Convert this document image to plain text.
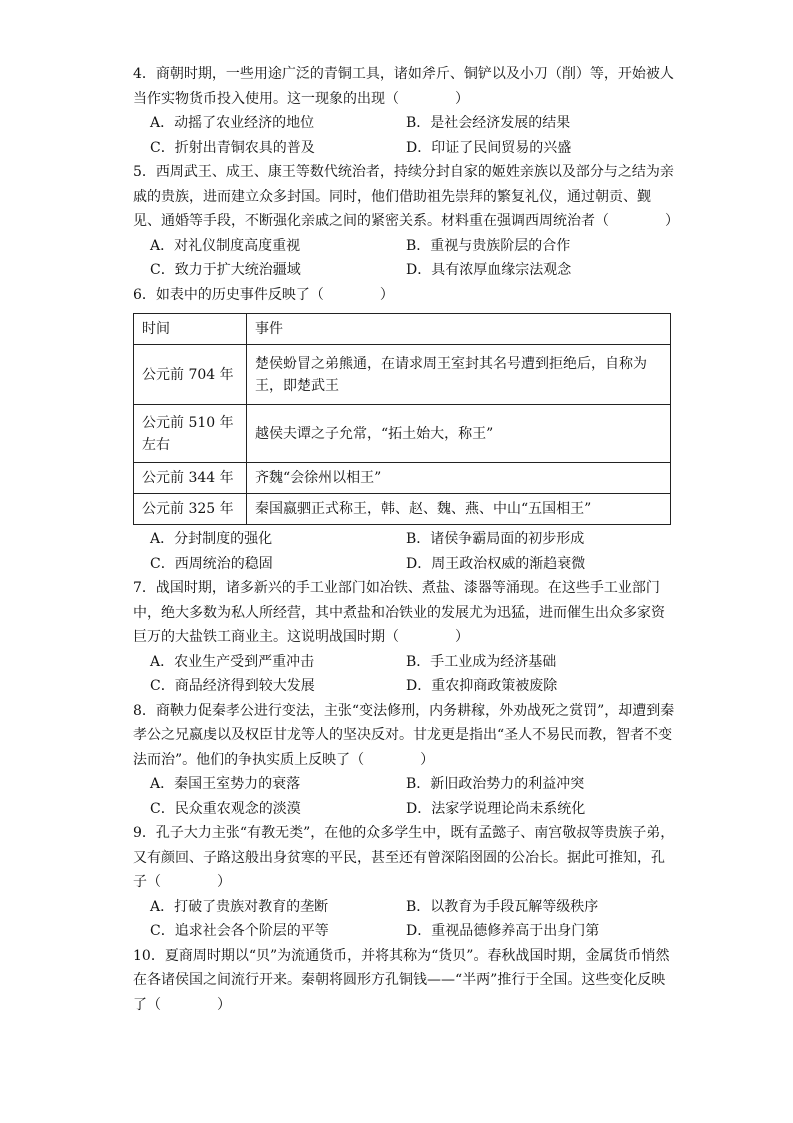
4．商朝时期，一些用途广泛的青铜工具，诸如斧斤、铜铲以及小刀（削）等，开始被人当作实物货币投入使用。这一现象的出现（　　　　）

A．动摇了农业经济的地位	B．是社会经济发展的结果
C．折射出青铜农具的普及	D．印证了民间贸易的兴盛

5．西周武王、成王、康王等数代统治者，持续分封自家的姬姓亲族以及部分与之结为亲戚的贵族，进而建立众多封国。同时，他们借助祖先崇拜的繁复礼仪，通过朝贡、觐见、通婚等手段，不断强化亲戚之间的紧密关系。材料重在强调西周统治者（　　　　）

A．对礼仪制度高度重视	B．重视与贵族阶层的合作
C．致力于扩大统治疆域	D．具有浓厚血缘宗法观念

6．如表中的历史事件反映了（　　　　）

时间	事件
公元前 704 年	楚侯蚡冒之弟熊通，在请求周王室封其名号遭到拒绝后，自称为王，即楚武王
公元前 510 年左右	越侯夫谭之子允常，“拓土始大，称王”
公元前 344 年	齐魏“会徐州以相王”
公元前 325 年	秦国嬴驷正式称王，韩、赵、魏、燕、中山“五国相王”
A．分封制度的强化	B．诸侯争霸局面的初步形成
C．西周统治的稳固	D．周王政治权威的渐趋衰微

7．战国时期，诸多新兴的手工业部门如冶铁、煮盐、漆器等涌现。在这些手工业部门中，绝大多数为私人所经营，其中煮盐和冶铁业的发展尤为迅猛，进而催生出众多家资巨万的大盐铁工商业主。这说明战国时期（　　　　）

A．农业生产受到严重冲击	B．手工业成为经济基础
C．商品经济得到较大发展	D．重农抑商政策被废除

8．商鞅力促秦孝公进行变法，主张“变法修刑，内务耕稼，外劝战死之赏罚”，却遭到秦孝公之兄嬴虔以及权臣甘龙等人的坚决反对。甘龙更是指出“圣人不易民而教，智者不变法而治”。他们的争执实质上反映了（　　　　）

A．秦国王室势力的衰落	B．新旧政治势力的利益冲突
C．民众重农观念的淡漠	D．法家学说理论尚未系统化

9．孔子大力主张“有教无类”，在他的众多学生中，既有孟懿子、南宫敬叔等贵族子弟，又有颜回、子路这般出身贫寒的平民，甚至还有曾深陷囹圄的公冶长。据此可推知，孔子（　　　　）

A．打破了贵族对教育的垄断	B．以教育为手段瓦解等级秩序
C．追求社会各个阶层的平等	D．重视品德修养高于出身门第

10．夏商周时期以“贝”为流通货币，并将其称为“货贝”。春秋战国时期，金属货币悄然在各诸侯国之间流行开来。秦朝将圆形方孔铜钱——“半两”推行于全国。这些变化反映了（　　　　）
